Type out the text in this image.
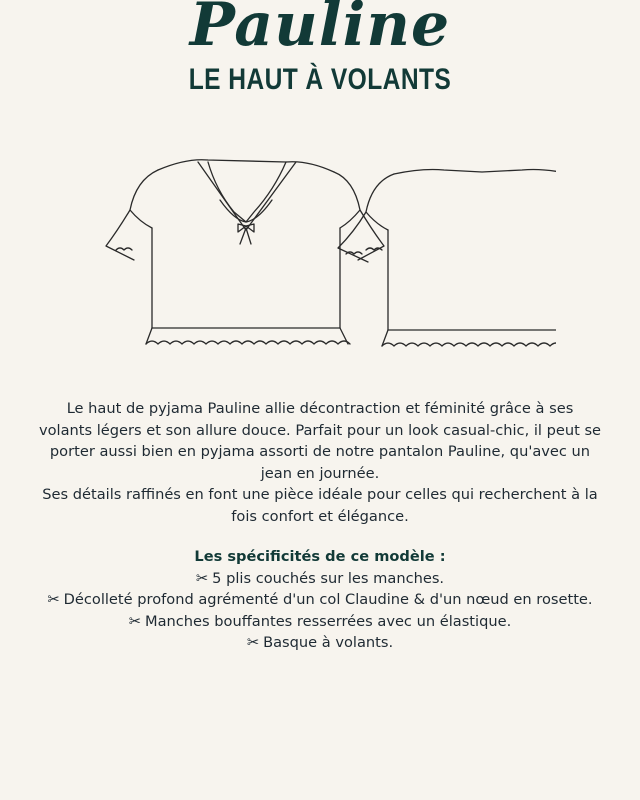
Pauline
LE HAUT À VOLANTS

Le haut de pyjama Pauline allie décontraction et féminité grâce à ses volants légers et son allure douce. Parfait pour un look casual-chic, il peut se porter aussi bien en pyjama assorti de notre pantalon Pauline, qu'avec un jean en journée.

Ses détails raffinés en font une pièce idéale pour celles qui recherchent à la fois confort et élégance.

Les spécificités de ce modèle :
✂ 5 plis couchés sur les manches.
✂ Décolleté profond agrémenté d'un col Claudine & d'un nœud en rosette.
✂ Manches bouffantes resserrées avec un élastique.
✂ Basque à volants.
